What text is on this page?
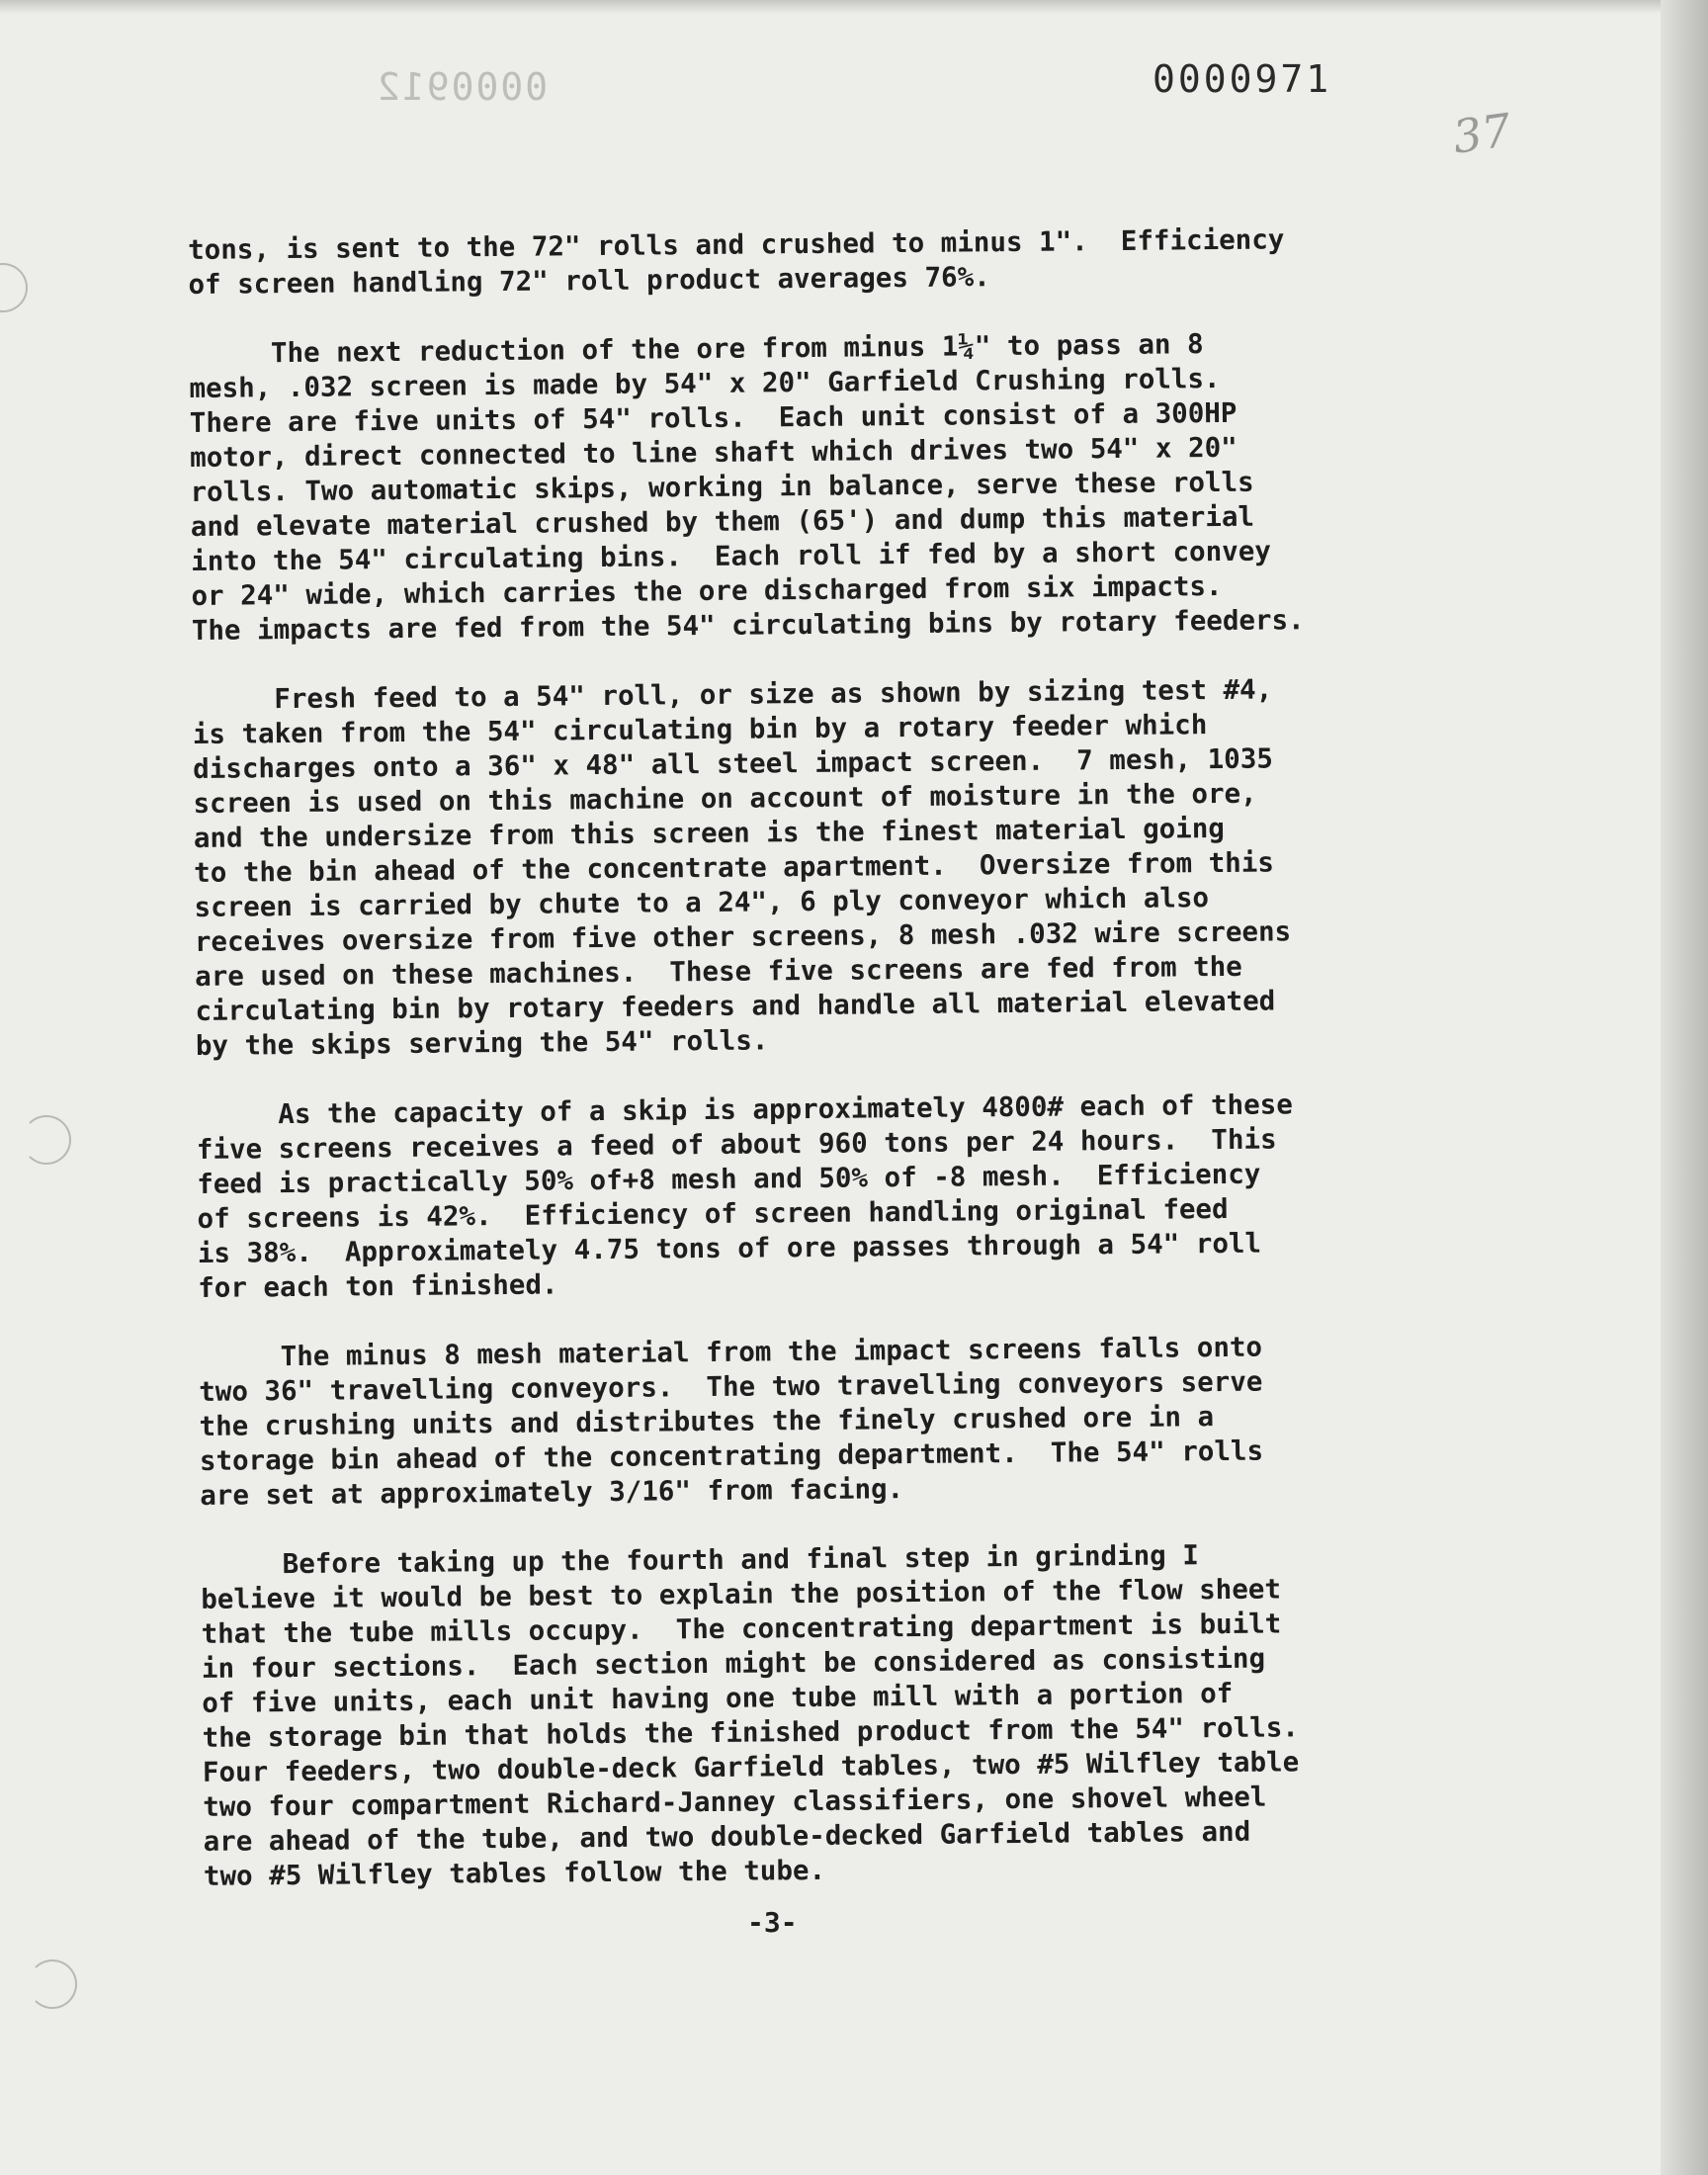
0000912	0000971
37
tons, is sent to the 72" rolls and crushed to minus 1".  Efficiency
of screen handling 72" roll product averages 76%.
The next reduction of the ore from minus 1¼" to pass an 8
mesh, .032 screen is made by 54" x 20" Garfield Crushing rolls.
There are five units of 54" rolls.  Each unit consist of a 300HP
motor, direct connected to line shaft which drives two 54" x 20"
rolls. Two automatic skips, working in balance, serve these rolls
and elevate material crushed by them (65') and dump this material
into the 54" circulating bins.  Each roll if fed by a short convey
or 24" wide, which carries the ore discharged from six impacts.
The impacts are fed from the 54" circulating bins by rotary feeders.
Fresh feed to a 54" roll, or size as shown by sizing test #4,
is taken from the 54" circulating bin by a rotary feeder which
discharges onto a 36" x 48" all steel impact screen.  7 mesh, 1035
screen is used on this machine on account of moisture in the ore,
and the undersize from this screen is the finest material going
to the bin ahead of the concentrate apartment.  Oversize from this
screen is carried by chute to a 24", 6 ply conveyor which also
receives oversize from five other screens, 8 mesh .032 wire screens
are used on these machines.  These five screens are fed from the
circulating bin by rotary feeders and handle all material elevated
by the skips serving the 54" rolls.
As the capacity of a skip is approximately 4800# each of these
five screens receives a feed of about 960 tons per 24 hours.  This
feed is practically 50% of+8 mesh and 50% of -8 mesh.  Efficiency
of screens is 42%.  Efficiency of screen handling original feed
is 38%.  Approximately 4.75 tons of ore passes through a 54" roll
for each ton finished.
The minus 8 mesh material from the impact screens falls onto
two 36" travelling conveyors.  The two travelling conveyors serve
the crushing units and distributes the finely crushed ore in a
storage bin ahead of the concentrating department.  The 54" rolls
are set at approximately 3/16" from facing.
Before taking up the fourth and final step in grinding I
believe it would be best to explain the position of the flow sheet
that the tube mills occupy.  The concentrating department is built
in four sections.  Each section might be considered as consisting
of five units, each unit having one tube mill with a portion of
the storage bin that holds the finished product from the 54" rolls.
Four feeders, two double-deck Garfield tables, two #5 Wilfley table
two four compartment Richard-Janney classifiers, one shovel wheel
are ahead of the tube, and two double-decked Garfield tables and
two #5 Wilfley tables follow the tube.
-3-
